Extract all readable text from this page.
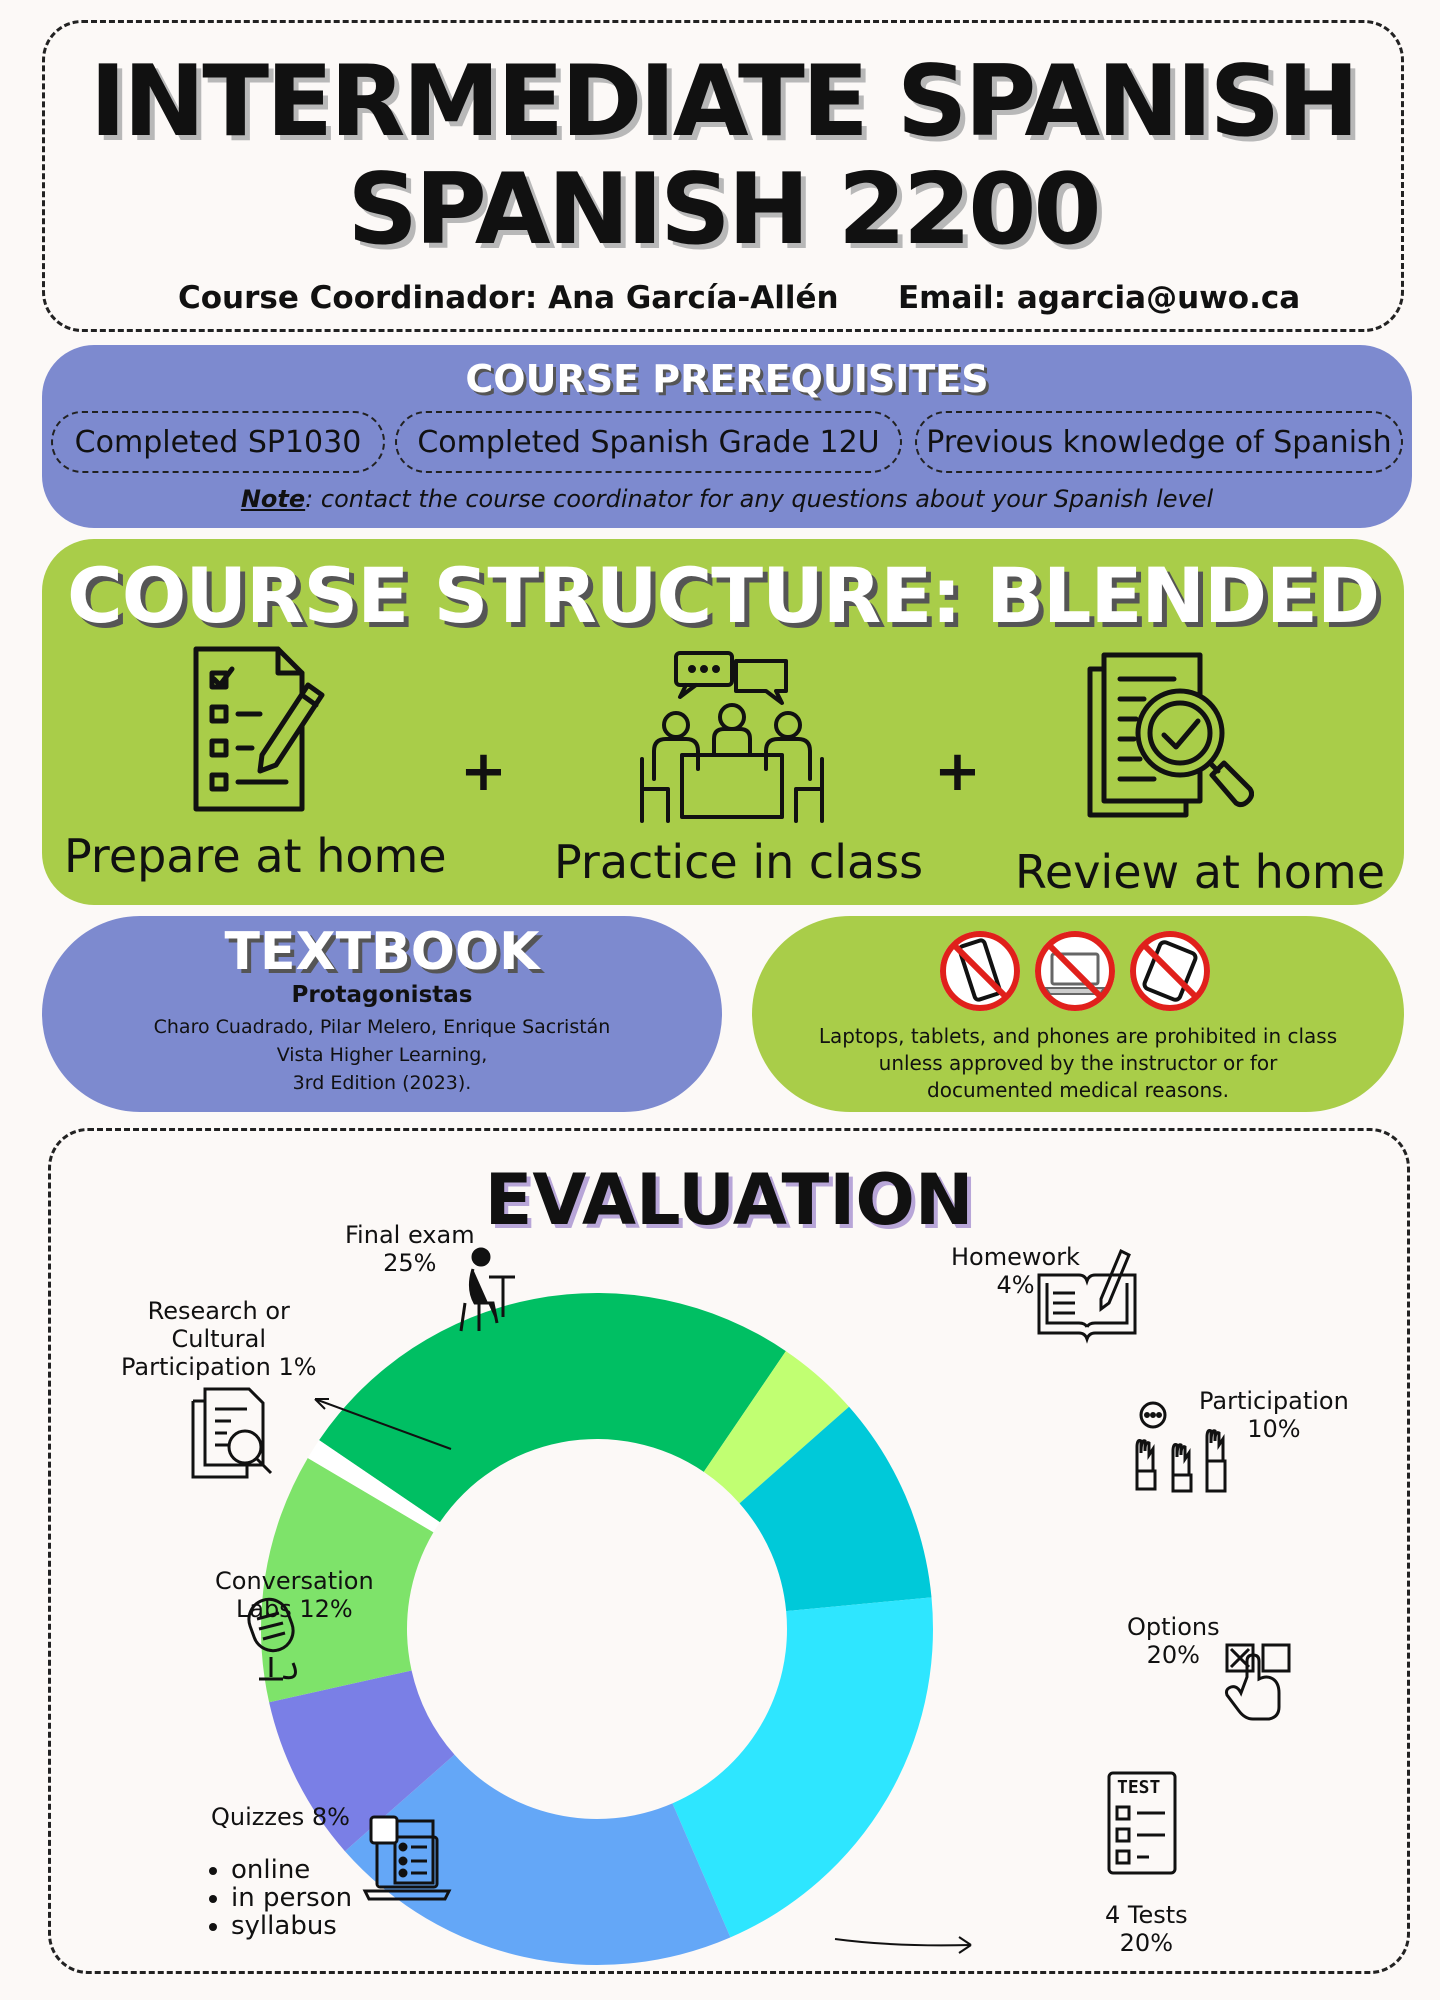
INTERMEDIATE SPANISH
SPANISH 2200
Course Coordinador: Ana García-Allén Email: agarcia@uwo.ca
COURSE PREREQUISITES
Completed SP1030	Completed Spanish Grade 12U	Previous knowledge of Spanish
Note: contact the course coordinator for any questions about your Spanish level
COURSE STRUCTURE: BLENDED
+	+
Prepare at home Practice in class Review at home
TEXTBOOK
Protagonistas
Charo Cuadrado, Pilar Melero, Enrique Sacristán
Vista Higher Learning,
3rd Edition (2023).
Laptops, tablets, and phones are prohibited in class
unless approved by the instructor or for
documented medical reasons.
TEST
EVALUATION
Final exam
25%	Homework
4%
Participation
10%
Options
20%
4 Tests
20%
Quizzes 8%
• online
• in person
• syllabus
Conversation
Labs 12%
Research or
Cultural
Participation 1%
